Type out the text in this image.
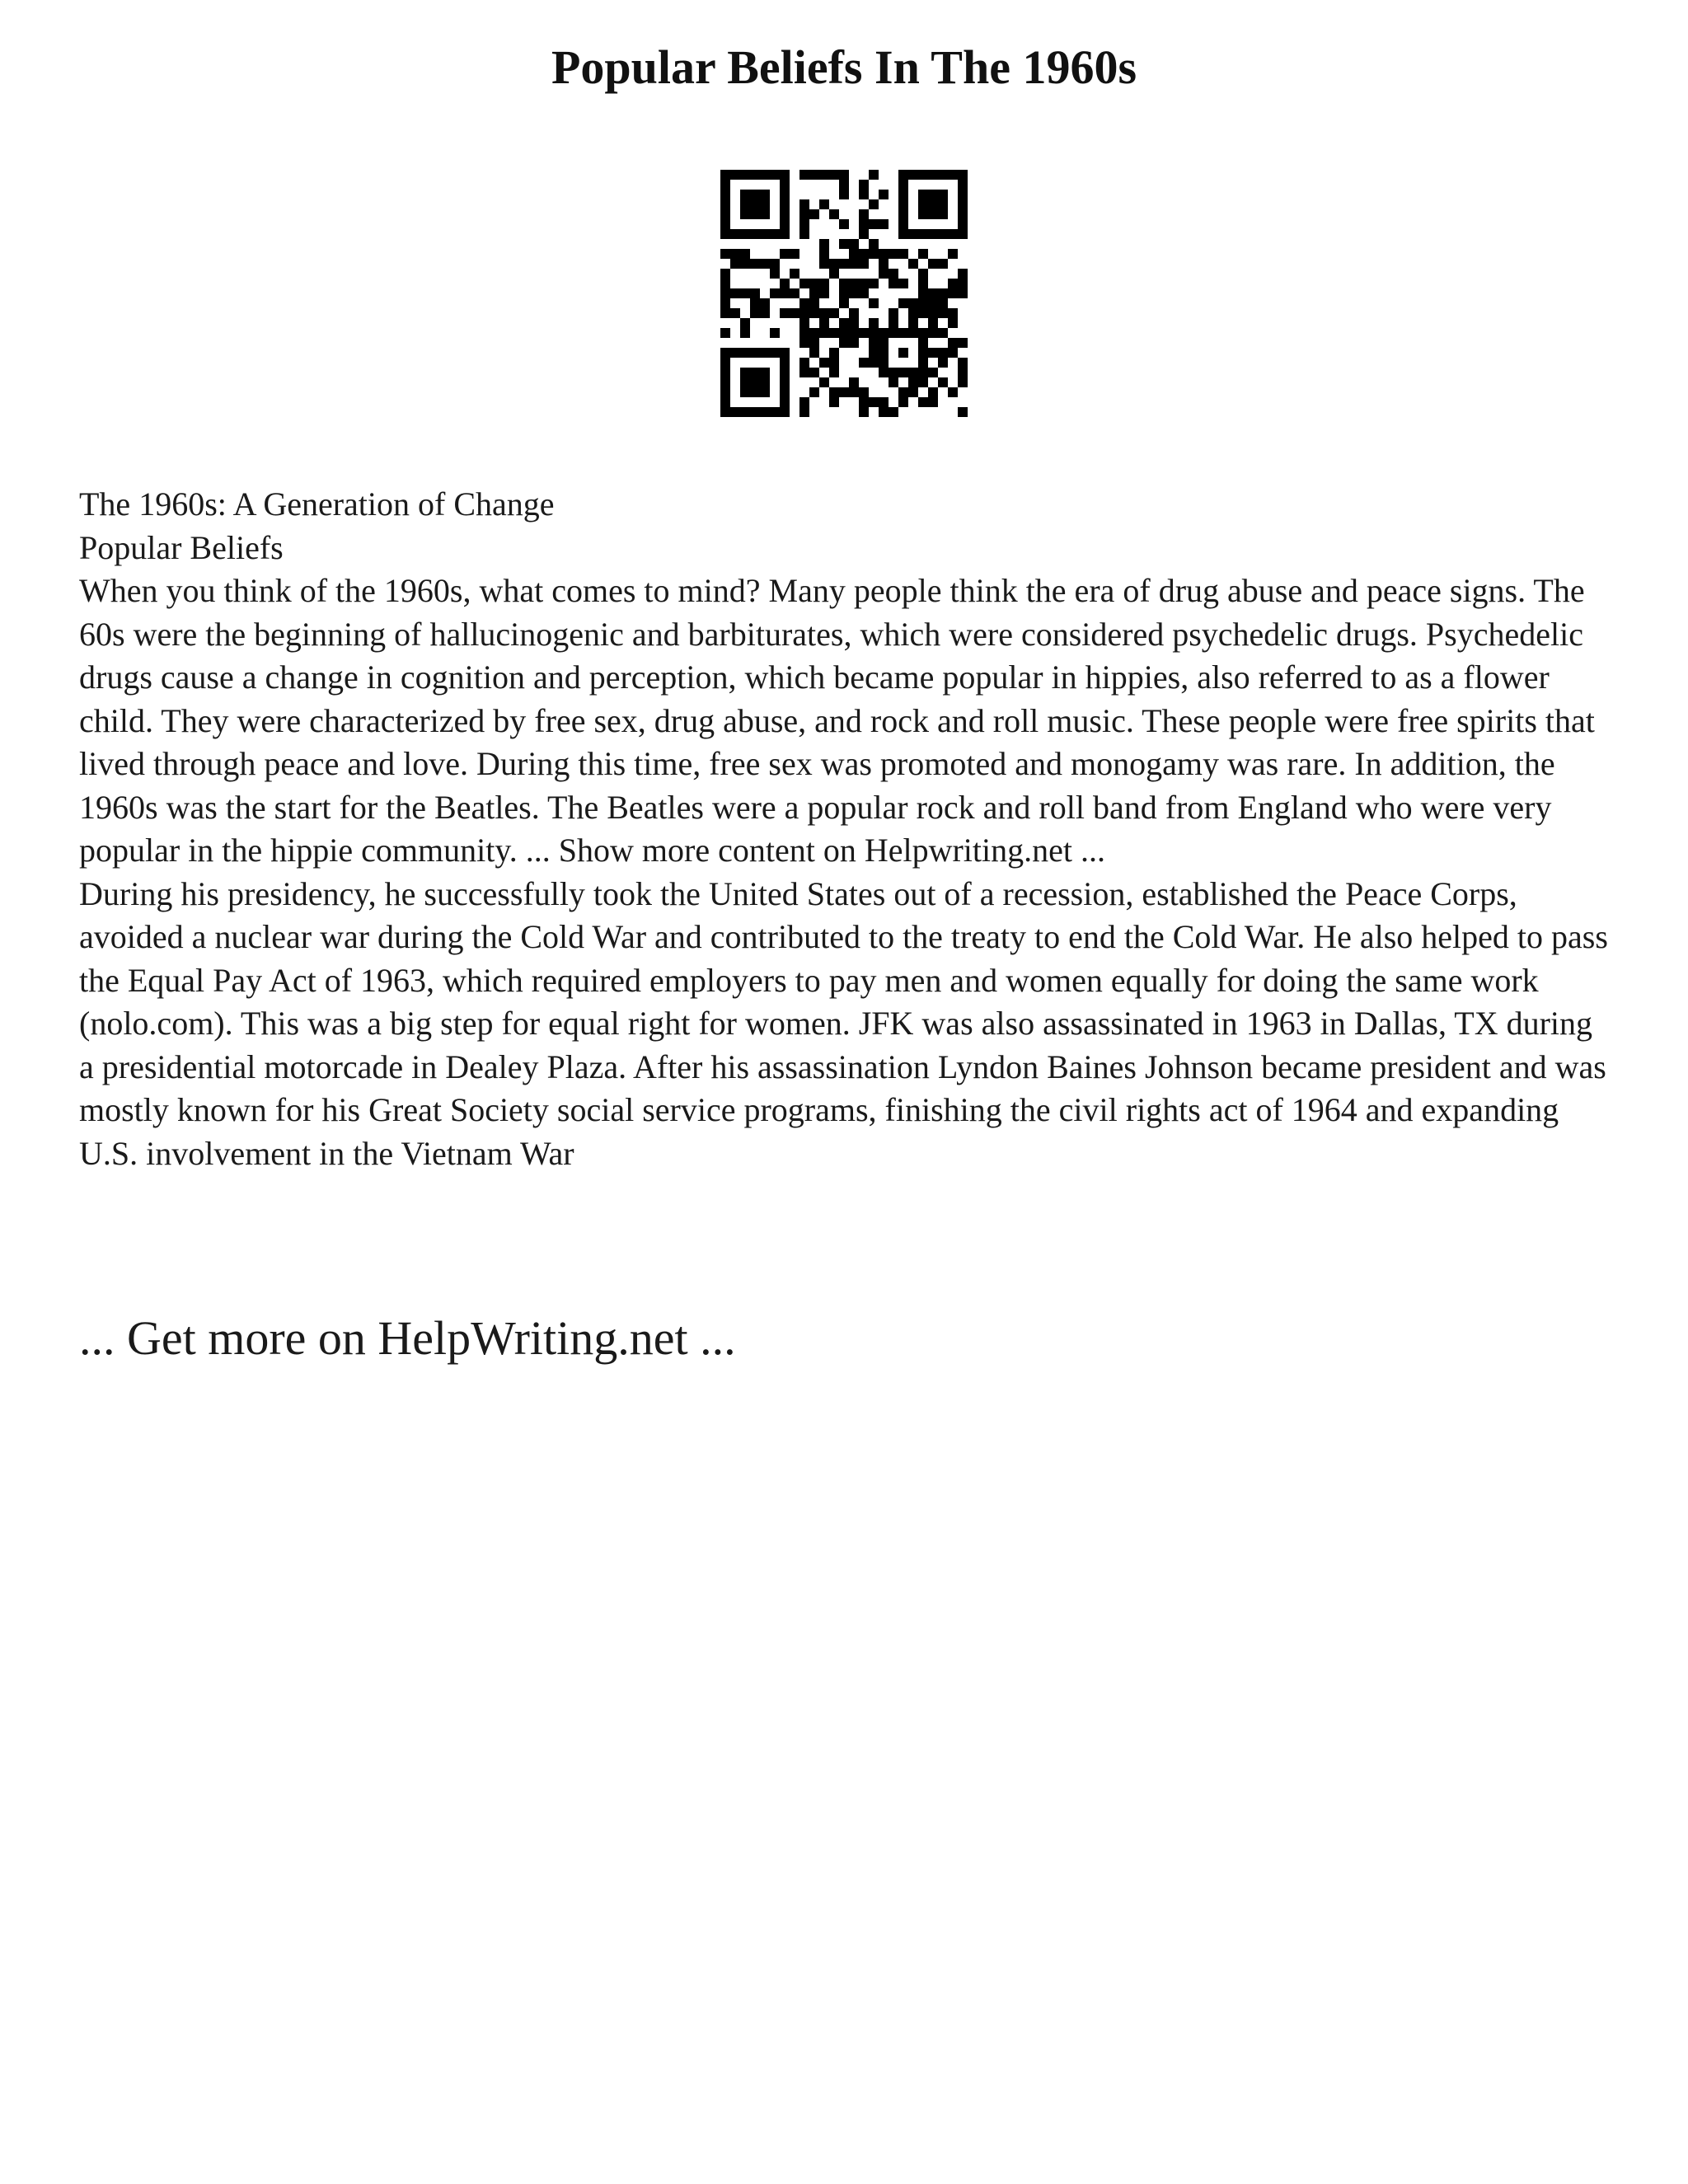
Popular Beliefs In The 1960s

The 1960s: A Generation of Change

Popular Beliefs

When you think of the 1960s, what comes to mind? Many people think the era of drug abuse and peace signs. The 60s were the beginning of hallucinogenic and barbiturates, which were considered psychedelic drugs. Psychedelic drugs cause a change in cognition and perception, which became popular in hippies, also referred to as a flower child. They were characterized by free sex, drug abuse, and rock and roll music. These people were free spirits that lived through peace and love. During this time, free sex was promoted and monogamy was rare. In addition, the 1960s was the start for the Beatles. The Beatles were a popular rock and roll band from England who were very popular in the hippie community. ... Show more content on Helpwriting.net ...

During his presidency, he successfully took the United States out of a recession, established the Peace Corps, avoided a nuclear war during the Cold War and contributed to the treaty to end the Cold War. He also helped to pass the Equal Pay Act of 1963, which required employers to pay men and women equally for doing the same work (nolo.com). This was a big step for equal right for women. JFK was also assassinated in 1963 in Dallas, TX during a presidential motorcade in Dealey Plaza. After his assassination Lyndon Baines Johnson became president and was mostly known for his Great Society social service programs, finishing the civil rights act of 1964 and expanding U.S. involvement in the Vietnam War

... Get more on HelpWriting.net ...
